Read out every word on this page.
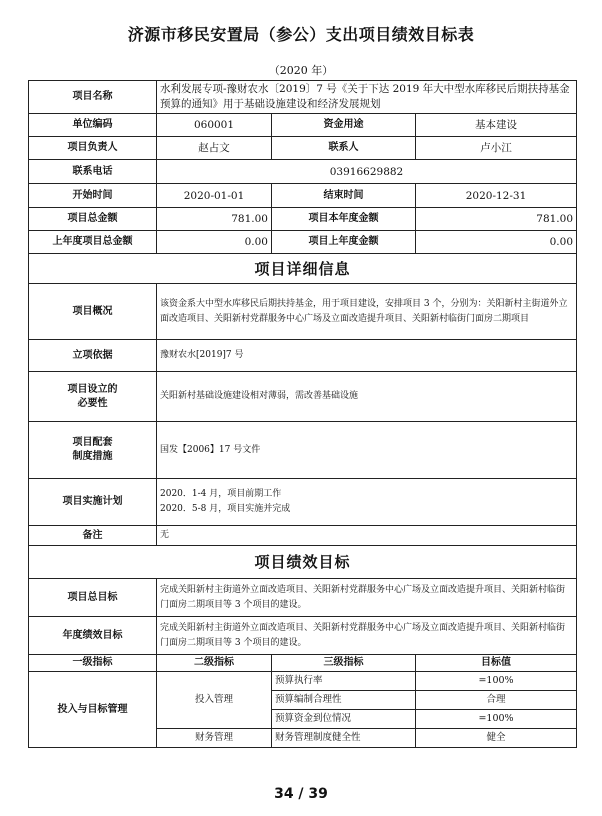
济源市移民安置局（参公）支出项目绩效目标表
（2020 年）
项目名称	水利发展专项-豫财农水〔2019〕7 号《关于下达 2019 年大中型水库移民后期扶持基金预算的通知》用于基础设施建设和经济发展规划		
单位编码	060001	资金用途	基本建设
项目负责人	赵占文	联系人	卢小江
联系电话	03916629882		
开始时间	2020-01-01	结束时间	2020-12-31
项目总金额	781.00	项目本年度金额	781.00
上年度项目总金额	0.00	项目上年度金额	0.00
项目详细信息			
项目概况	该资金系大中型水库移民后期扶持基金，用于项目建设，安排项目 3 个，分别为：关阳新村主街道外立面改造项目、关阳新村党群服务中心广场及立面改造提升项目、关阳新村临街门面房二期项目		
立项依据	豫财农水[2019]7 号		

项目设立的
必要性	关阳新村基础设施建设相对薄弱，需改善基础设施		

项目配套
制度措施	国发【2006】17 号文件		
项目实施计划	2020．1-4 月，项目前期工作
2020．5-8 月，项目实施并完成		

备注	无		
项目绩效目标			
项目总目标	完成关阳新村主街道外立面改造项目、关阳新村党群服务中心广场及立面改造提升项目、关阳新村临街门面房二期项目等 3 个项目的建设。		
年度绩效目标	完成关阳新村主街道外立面改造项目、关阳新村党群服务中心广场及立面改造提升项目、关阳新村临街门面房二期项目等 3 个项目的建设。		
一级指标	二级指标	三级指标	目标值
投入与目标管理	投入管理	预算执行率	=100%
		预算编制合理性	合理
		预算资金到位情况	=100%
	财务管理	财务管理制度健全性	健全
34 / 39
